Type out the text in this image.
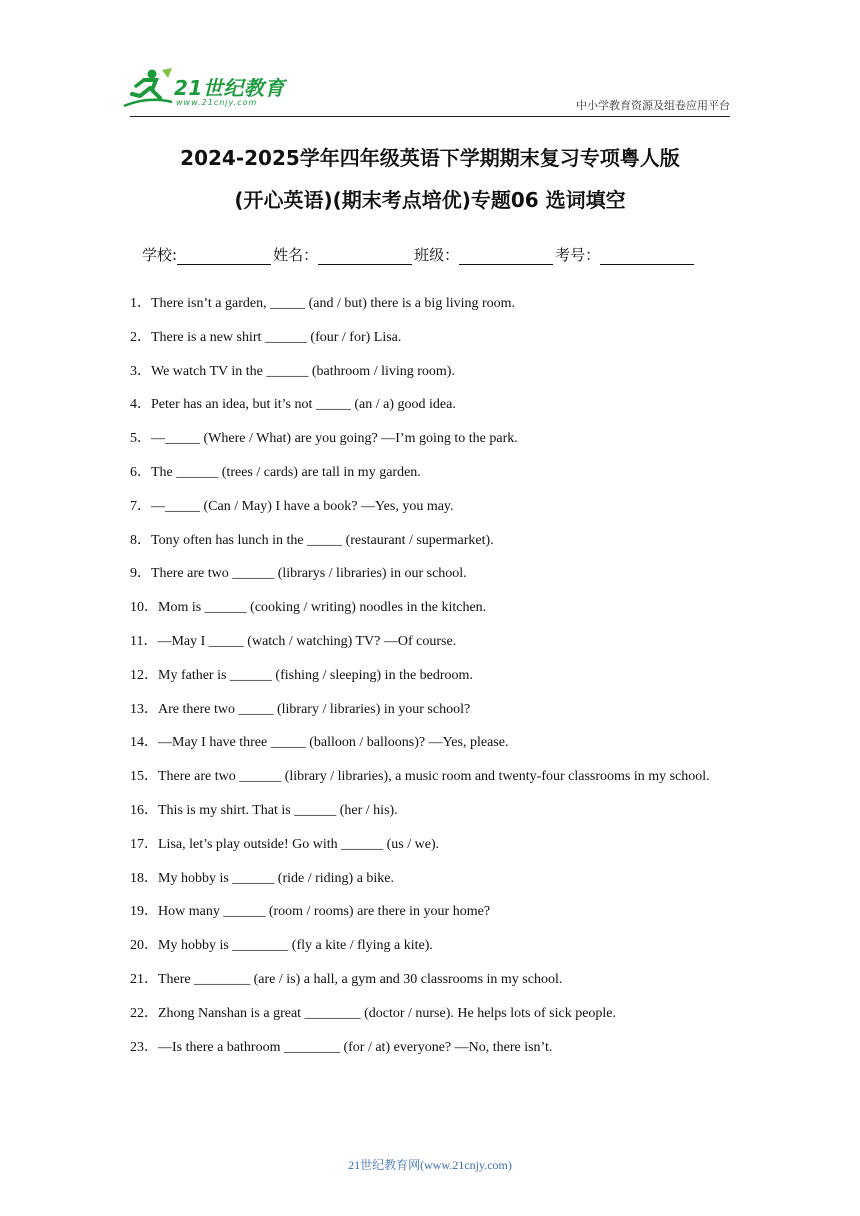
21世纪教育
www.21cnjy.com	中小学教育资源及组卷应用平台
2024-2025学年四年级英语下学期期末复习专项粤人版
(开心英语)(期末考点培优)专题06 选词填空
学校:	姓名：	班级：	考号：
1．There isn’t a garden, _____ (and / but) there is a big living room.
2．There is a new shirt ______ (four / for) Lisa.
3．We watch TV in the ______ (bathroom / living room).
4．Peter has an idea, but it’s not _____ (an / a) good idea.
5．—_____ (Where / What) are you going? —I’m going to the park.
6．The ______ (trees / cards) are tall in my garden.
7．—_____ (Can / May) I have a book? —Yes, you may.
8．Tony often has lunch in the _____ (restaurant / supermarket).
9．There are two ______ (librarys / libraries) in our school.
10．Mom is ______ (cooking / writing) noodles in the kitchen.
11．—May I _____ (watch / watching) TV? —Of course.
12．My father is ______ (fishing / sleeping) in the bedroom.
13．Are there two _____ (library / libraries) in your school?
14．—May I have three _____ (balloon / balloons)? —Yes, please.
15．There are two ______ (library / libraries), a music room and twenty-four classrooms in my school.
16．This is my shirt. That is ______ (her / his).
17．Lisa, let’s play outside! Go with ______ (us / we).
18．My hobby is ______ (ride / riding) a bike.
19．How many ______ (room / rooms) are there in your home?
20．My hobby is ________ (fly a kite / flying a kite).
21．There ________ (are / is) a hall, a gym and 30 classrooms in my school.
22．Zhong Nanshan is a great ________ (doctor / nurse). He helps lots of sick people.
23．—Is there a bathroom ________ (for / at) everyone? —No, there isn’t.
21世纪教育网(www.21cnjy.com)
